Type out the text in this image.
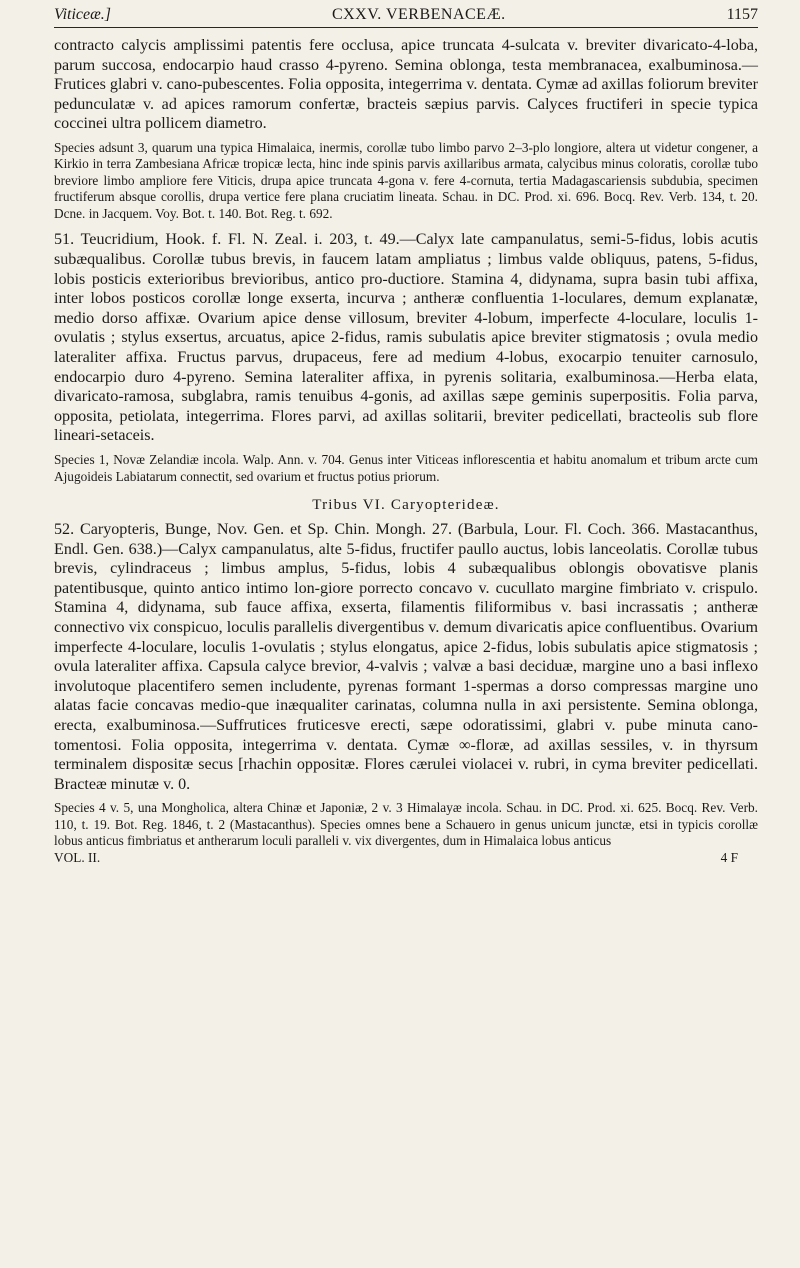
Viticeæ.]	CXXV. VERBENACEÆ.	1157

contracto calycis amplissimi patentis fere occlusa, apice truncata 4-sulcata v. breviter divaricato-4-loba, parum succosa, endocarpio haud crasso 4-pyreno. Semina oblonga, testa membranacea, exalbuminosa.—Frutices glabri v. cano-pubescentes. Folia opposita, integerrima v. dentata. Cymæ ad axillas foliorum breviter pedunculatæ v. ad apices ramorum confertæ, bracteis sæpius parvis. Calyces fructiferi in specie typica coccinei ultra pollicem diametro.

Species adsunt 3, quarum una typica Himalaica, inermis, corollæ tubo limbo parvo 2–3-plo longiore, altera ut videtur congener, a Kirkio in terra Zambesiana Africæ tropicæ lecta, hinc inde spinis parvis axillaribus armata, calycibus minus coloratis, corollæ tubo breviore limbo ampliore fere Viticis, drupa apice truncata 4-gona v. fere 4-cornuta, tertia Madagascariensis subdubia, specimen fructiferum absque corollis, drupa vertice fere plana cruciatim lineata. Schau. in DC. Prod. xi. 696. Bocq. Rev. Verb. 134, t. 20. Dcne. in Jacquem. Voy. Bot. t. 140. Bot. Reg. t. 692.

51. Teucridium, Hook. f. Fl. N. Zeal. i. 203, t. 49.—Calyx late campanulatus, semi-5-fidus, lobis acutis subæqualibus. Corollæ tubus brevis, in faucem latam ampliatus ; limbus valde obliquus, patens, 5-fidus, lobis posticis exterioribus brevioribus, antico pro-ductiore. Stamina 4, didynama, supra basin tubi affixa, inter lobos posticos corollæ longe exserta, incurva ; antheræ confluentia 1-loculares, demum explanatæ, medio dorso affixæ. Ovarium apice dense villosum, breviter 4-lobum, imperfecte 4-loculare, loculis 1-ovulatis ; stylus exsertus, arcuatus, apice 2-fidus, ramis subulatis apice breviter stigmatosis ; ovula medio lateraliter affixa. Fructus parvus, drupaceus, fere ad medium 4-lobus, exocarpio tenuiter carnosulo, endocarpio duro 4-pyreno. Semina lateraliter affixa, in pyrenis solitaria, exalbuminosa.—Herba elata, divaricato-ramosa, subglabra, ramis tenuibus 4-gonis, ad axillas sæpe geminis superpositis. Folia parva, opposita, petiolata, integerrima. Flores parvi, ad axillas solitarii, breviter pedicellati, bracteolis sub flore lineari-setaceis.

Species 1, Novæ Zelandiæ incola. Walp. Ann. v. 704. Genus inter Viticeas inflorescentia et habitu anomalum et tribum arcte cum Ajugoideis Labiatarum connectit, sed ovarium et fructus potius priorum.

Tribus VI. Caryopterideæ.

52. Caryopteris, Bunge, Nov. Gen. et Sp. Chin. Mongh. 27. (Barbula, Lour. Fl. Coch. 366. Mastacanthus, Endl. Gen. 638.)—Calyx campanulatus, alte 5-fidus, fructifer paullo auctus, lobis lanceolatis. Corollæ tubus brevis, cylindraceus ; limbus amplus, 5-fidus, lobis 4 subæqualibus oblongis obovatisve planis patentibusque, quinto antico intimo lon-giore porrecto concavo v. cucullato margine fimbriato v. crispulo. Stamina 4, didynama, sub fauce affixa, exserta, filamentis filiformibus v. basi incrassatis ; antheræ connectivo vix conspicuo, loculis parallelis divergentibus v. demum divaricatis apice confluentibus. Ovarium imperfecte 4-loculare, loculis 1-ovulatis ; stylus elongatus, apice 2-fidus, lobis subulatis apice stigmatosis ; ovula lateraliter affixa. Capsula calyce brevior, 4-valvis ; valvæ a basi deciduæ, margine uno a basi inflexo involutoque placentifero semen includente, pyrenas formant 1-spermas a dorso compressas margine uno alatas facie concavas medio-que inæqualiter carinatas, columna nulla in axi persistente. Semina oblonga, erecta, exalbuminosa.—Suffrutices fruticesve erecti, sæpe odoratissimi, glabri v. pube minuta cano-tomentosi. Folia opposita, integerrima v. dentata. Cymæ ∞-floræ, ad axillas sessiles, v. in thyrsum terminalem dispositæ secus [rhachin oppositæ. Flores cærulei violacei v. rubri, in cyma breviter pedicellati. Bracteæ minutæ v. 0.

Species 4 v. 5, una Mongholica, altera Chinæ et Japoniæ, 2 v. 3 Himalayæ incola. Schau. in DC. Prod. xi. 625. Bocq. Rev. Verb. 110, t. 19. Bot. Reg. 1846, t. 2 (Mastacanthus). Species omnes bene a Schauero in genus unicum junctæ, etsi in typicis corollæ lobus anticus fimbriatus et antherarum loculi paralleli v. vix divergentes, dum in Himalaica lobus anticus

VOL. II.	4 F
